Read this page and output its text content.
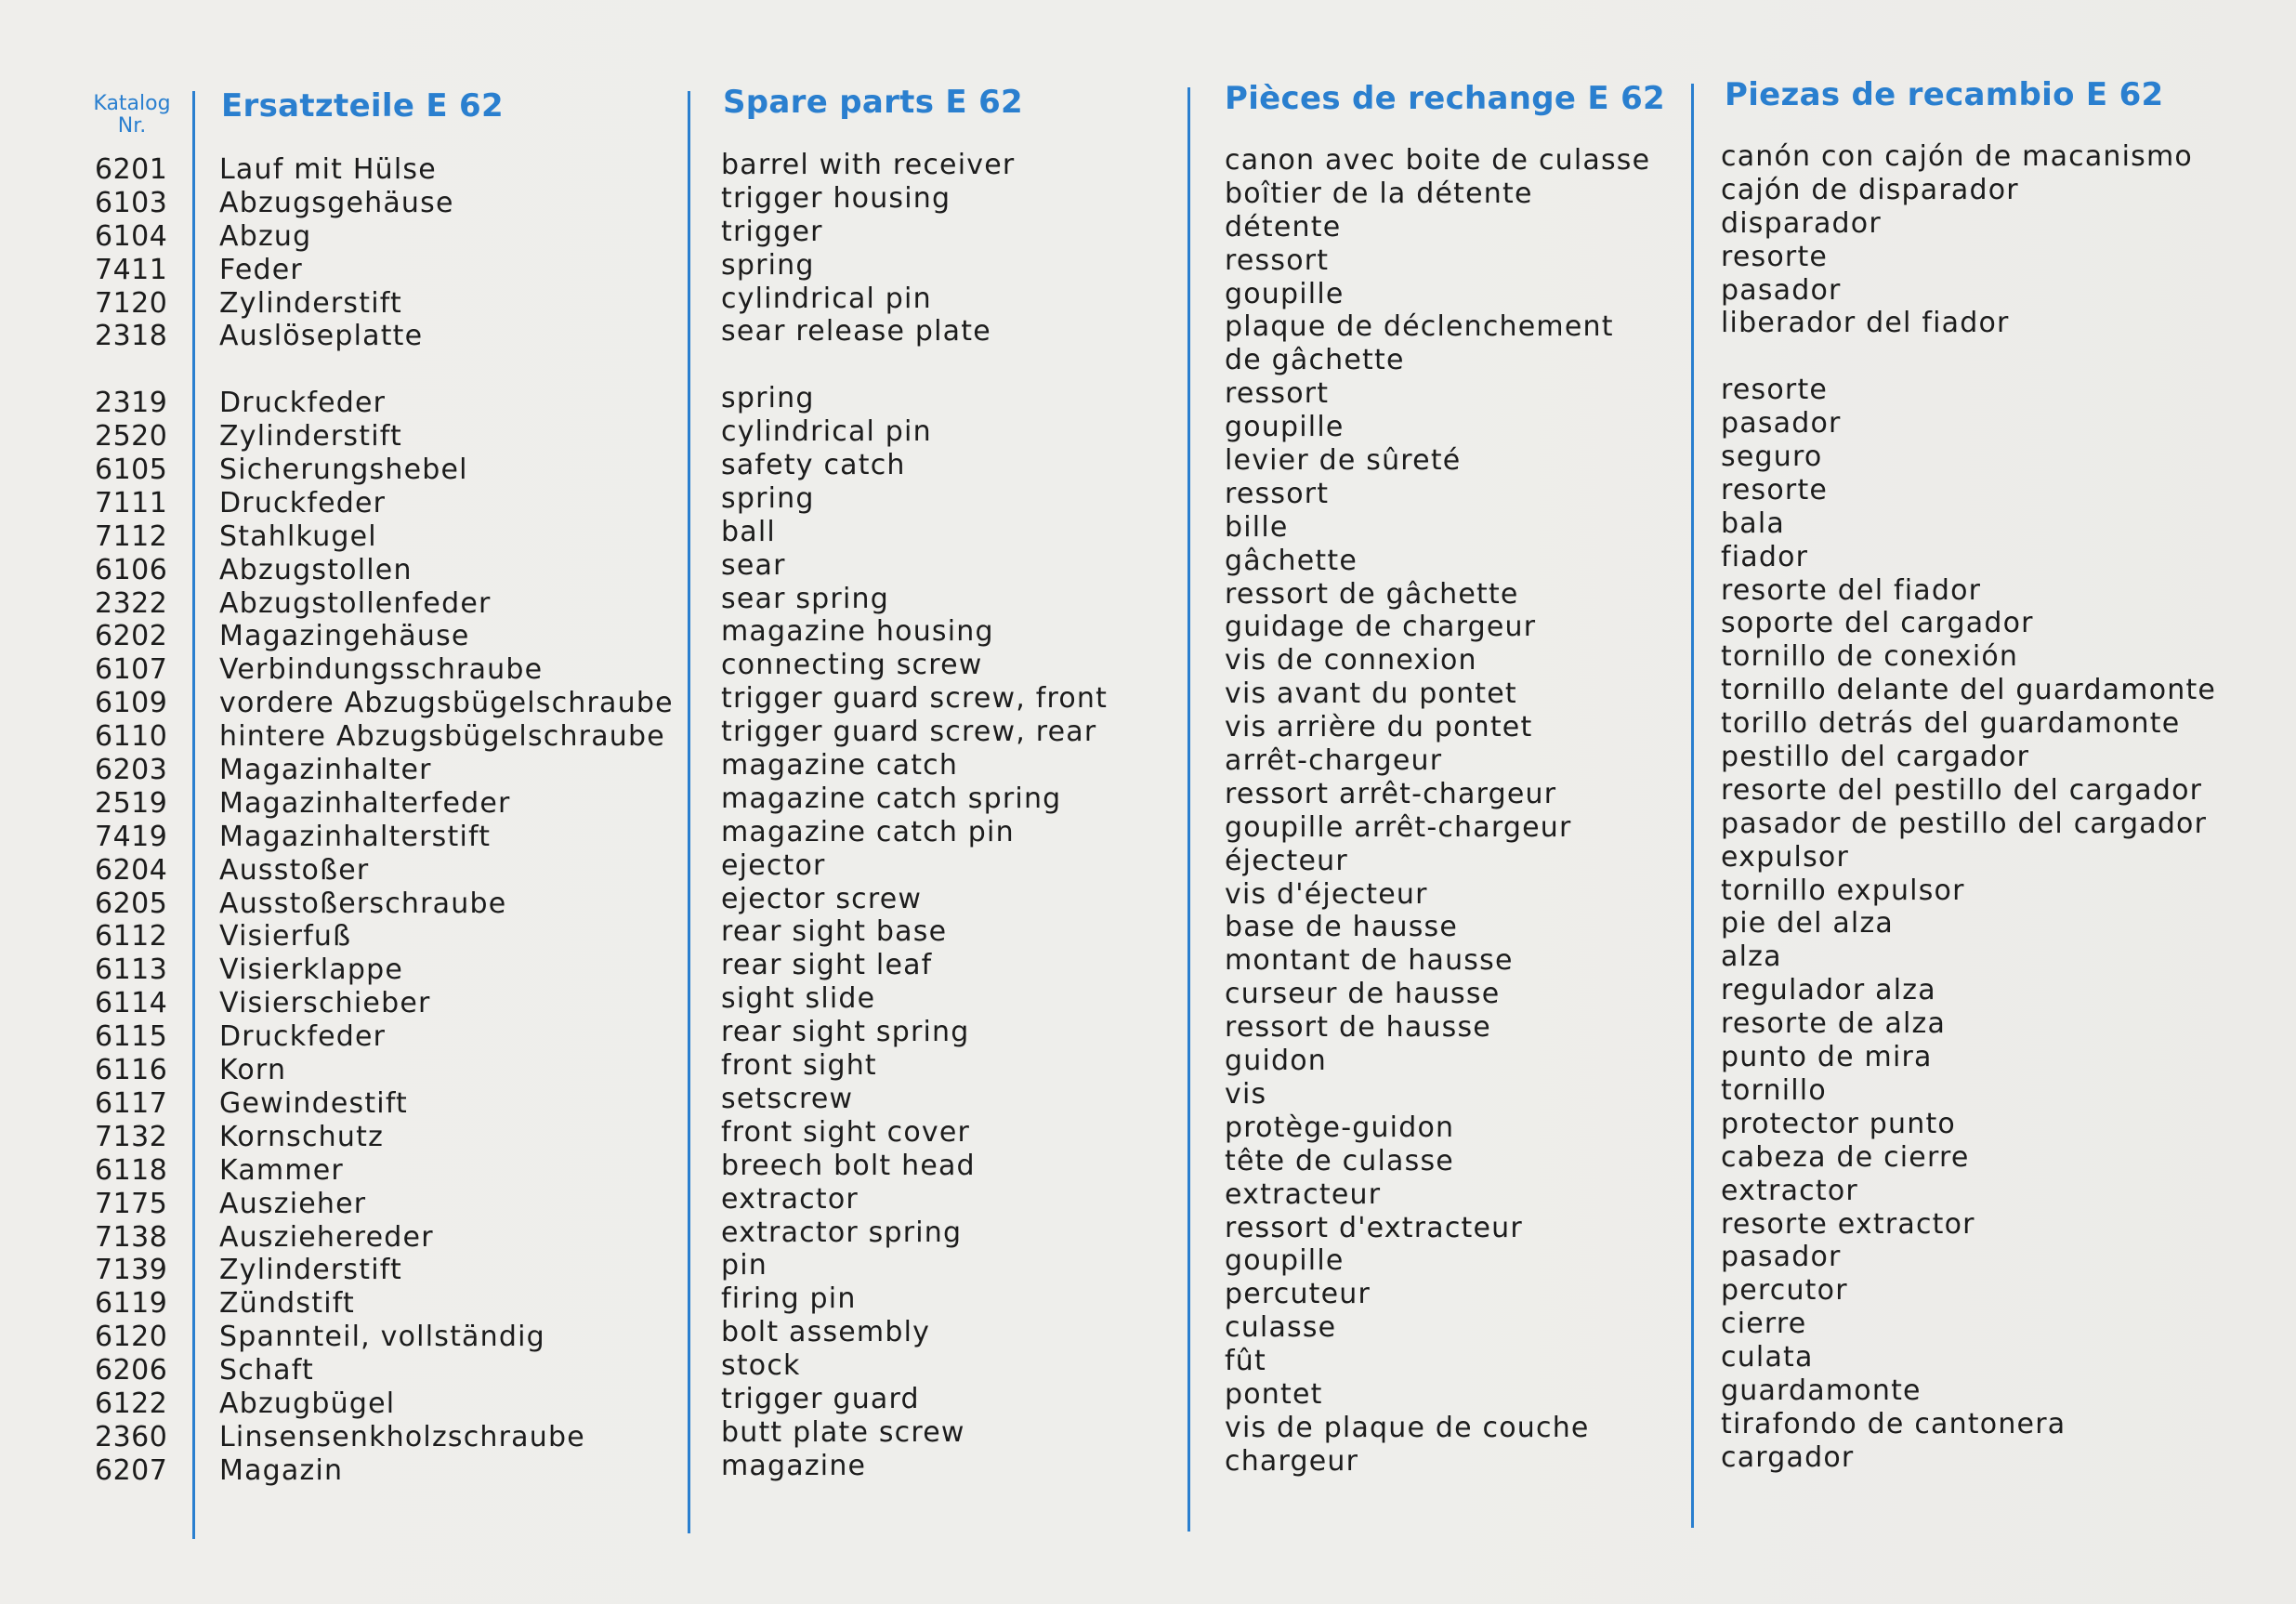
Katalog
Nr.
6201
6103
6104
7411
7120
2318
2319
2520
6105
7111
7112
6106
2322
6202
6107
6109
6110
6203
2519
7419
6204
6205
6112
6113
6114
6115
6116
6117
7132
6118
7175
7138
7139
6119
6120
6206
6122
2360
6207
Ersatzteile E 62
Lauf mit Hülse
Abzugsgehäuse
Abzug
Feder
Zylinderstift
Auslöseplatte
Druckfeder
Zylinderstift
Sicherungshebel
Druckfeder
Stahlkugel
Abzugstollen
Abzugstollenfeder
Magazingehäuse
Verbindungsschraube
vordere Abzugsbügelschraube
hintere Abzugsbügelschraube
Magazinhalter
Magazinhalterfeder
Magazinhalterstift
Ausstoßer
Ausstoßerschraube
Visierfuß
Visierklappe
Visierschieber
Druckfeder
Korn
Gewindestift
Kornschutz
Kammer
Auszieher
Ausziehereder
Zylinderstift
Zündstift
Spannteil, vollständig
Schaft
Abzugbügel
Linsensenkholzschraube
Magazin
Spare parts E 62
barrel with receiver
trigger housing
trigger
spring
cylindrical pin
sear release plate
spring
cylindrical pin
safety catch
spring
ball
sear
sear spring
magazine housing
connecting screw
trigger guard screw, front
trigger guard screw, rear
magazine catch
magazine catch spring
magazine catch pin
ejector
ejector screw
rear sight base
rear sight leaf
sight slide
rear sight spring
front sight
setscrew
front sight cover
breech bolt head
extractor
extractor spring
pin
firing pin
bolt assembly
stock
trigger guard
butt plate screw
magazine
Pièces de rechange E 62
canon avec boite de culasse
boîtier de la détente
détente
ressort
goupille
plaque de déclenchement
de gâchette
ressort
goupille
levier de sûreté
ressort
bille
gâchette
ressort de gâchette
guidage de chargeur
vis de connexion
vis avant du pontet
vis arrière du pontet
arrêt-chargeur
ressort arrêt-chargeur
goupille arrêt-chargeur
éjecteur
vis d'éjecteur
base de hausse
montant de hausse
curseur de hausse
ressort de hausse
guidon
vis
protège-guidon
tête de culasse
extracteur
ressort d'extracteur
goupille
percuteur
culasse
fût
pontet
vis de plaque de couche
chargeur
Piezas de recambio E 62
canón con cajón de macanismo
cajón de disparador
disparador
resorte
pasador
liberador del fiador
resorte
pasador
seguro
resorte
bala
fiador
resorte del fiador
soporte del cargador
tornillo de conexión
tornillo delante del guardamonte
torillo detrás del guardamonte
pestillo del cargador
resorte del pestillo del cargador
pasador de pestillo del cargador
expulsor
tornillo expulsor
pie del alza
alza
regulador alza
resorte de alza
punto de mira
tornillo
protector punto
cabeza de cierre
extractor
resorte extractor
pasador
percutor
cierre
culata
guardamonte
tirafondo de cantonera
cargador
